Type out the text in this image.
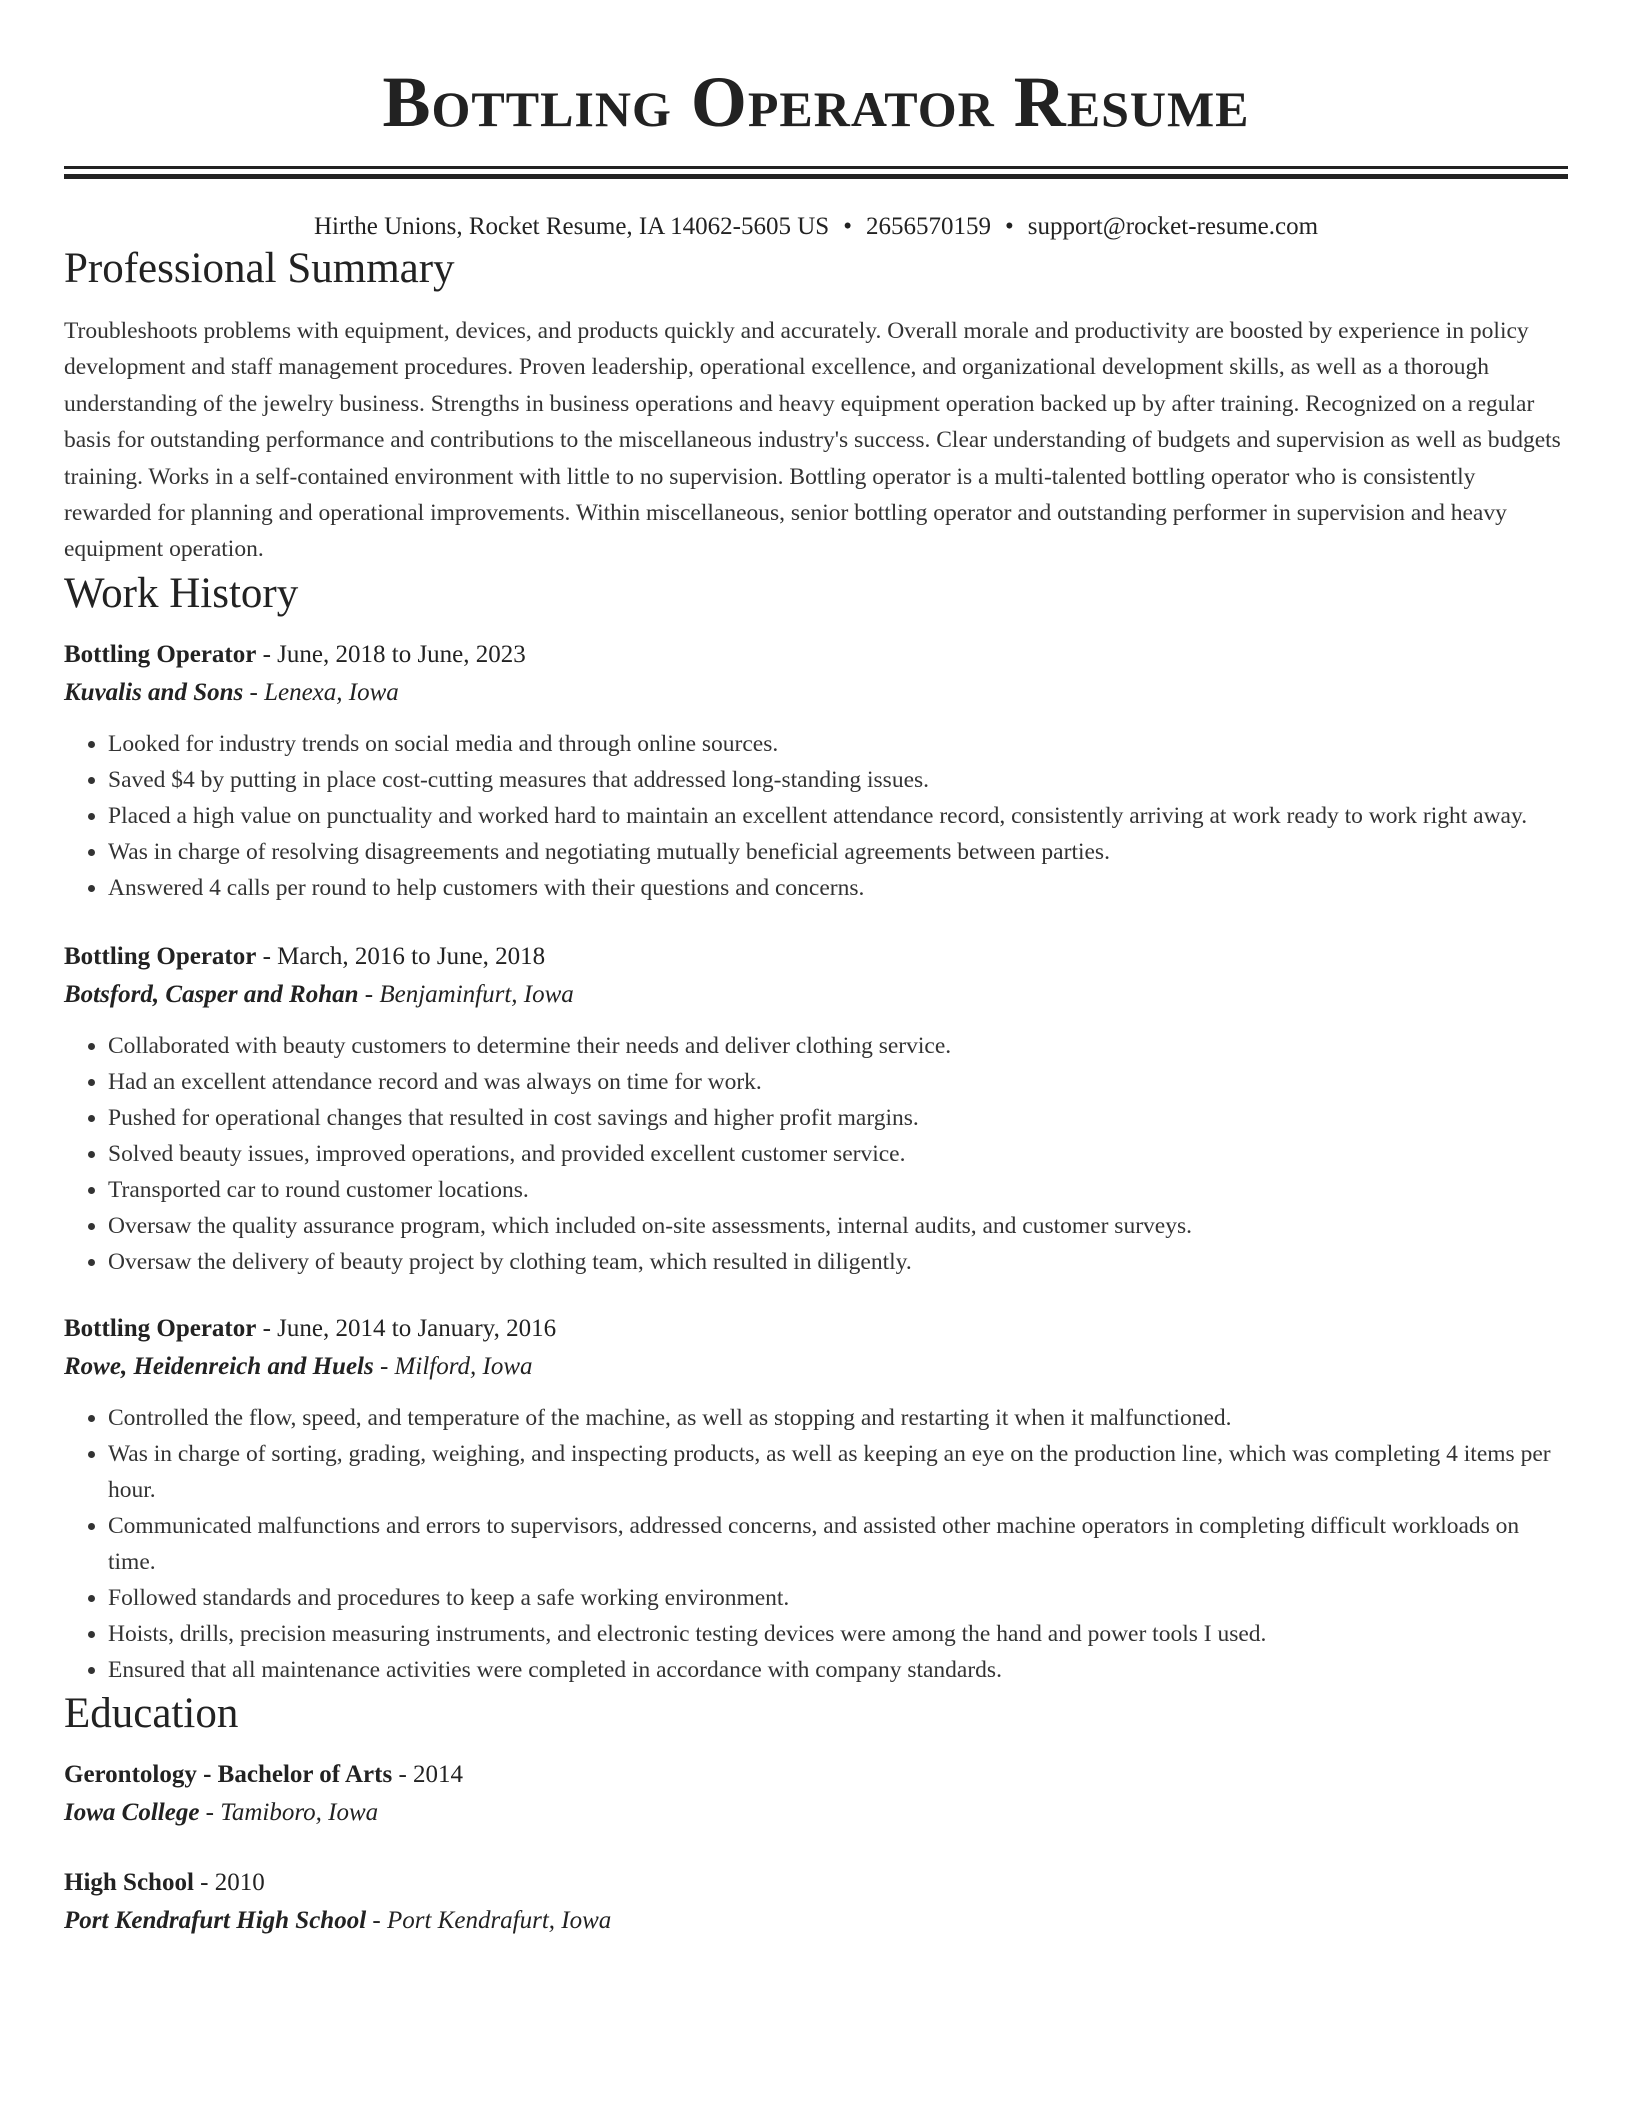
Bottling Operator Resume
Hirthe Unions, Rocket Resume, IA 14062-5605 US • 2656570159 • support@rocket-resume.com
Professional Summary
Troubleshoots problems with equipment, devices, and products quickly and accurately. Overall morale and productivity are boosted by experience in policy development and staff management procedures. Proven leadership, operational excellence, and organizational development skills, as well as a thorough understanding of the jewelry business. Strengths in business operations and heavy equipment operation backed up by after training. Recognized on a regular basis for outstanding performance and contributions to the miscellaneous industry's success. Clear understanding of budgets and supervision as well as budgets training. Works in a self-contained environment with little to no supervision. Bottling operator is a multi-talented bottling operator who is consistently rewarded for planning and operational improvements. Within miscellaneous, senior bottling operator and outstanding performer in supervision and heavy equipment operation.
Work History
Bottling Operator - June, 2018 to June, 2023
Kuvalis and Sons - Lenexa, Iowa
• Looked for industry trends on social media and through online sources.
• Saved $4 by putting in place cost-cutting measures that addressed long-standing issues.
• Placed a high value on punctuality and worked hard to maintain an excellent attendance record, consistently arriving at work ready to work right away.
• Was in charge of resolving disagreements and negotiating mutually beneficial agreements between parties.
• Answered 4 calls per round to help customers with their questions and concerns.
Bottling Operator - March, 2016 to June, 2018
Botsford, Casper and Rohan - Benjaminfurt, Iowa
• Collaborated with beauty customers to determine their needs and deliver clothing service.
• Had an excellent attendance record and was always on time for work.
• Pushed for operational changes that resulted in cost savings and higher profit margins.
• Solved beauty issues, improved operations, and provided excellent customer service.
• Transported car to round customer locations.
• Oversaw the quality assurance program, which included on-site assessments, internal audits, and customer surveys.
• Oversaw the delivery of beauty project by clothing team, which resulted in diligently.
Bottling Operator - June, 2014 to January, 2016
Rowe, Heidenreich and Huels - Milford, Iowa
• Controlled the flow, speed, and temperature of the machine, as well as stopping and restarting it when it malfunctioned.
• Was in charge of sorting, grading, weighing, and inspecting products, as well as keeping an eye on the production line, which was completing 4 items per hour.
• Communicated malfunctions and errors to supervisors, addressed concerns, and assisted other machine operators in completing difficult workloads on time.
• Followed standards and procedures to keep a safe working environment.
• Hoists, drills, precision measuring instruments, and electronic testing devices were among the hand and power tools I used.
• Ensured that all maintenance activities were completed in accordance with company standards.
Education
Gerontology - Bachelor of Arts - 2014
Iowa College - Tamiboro, Iowa
High School - 2010
Port Kendrafurt High School - Port Kendrafurt, Iowa
